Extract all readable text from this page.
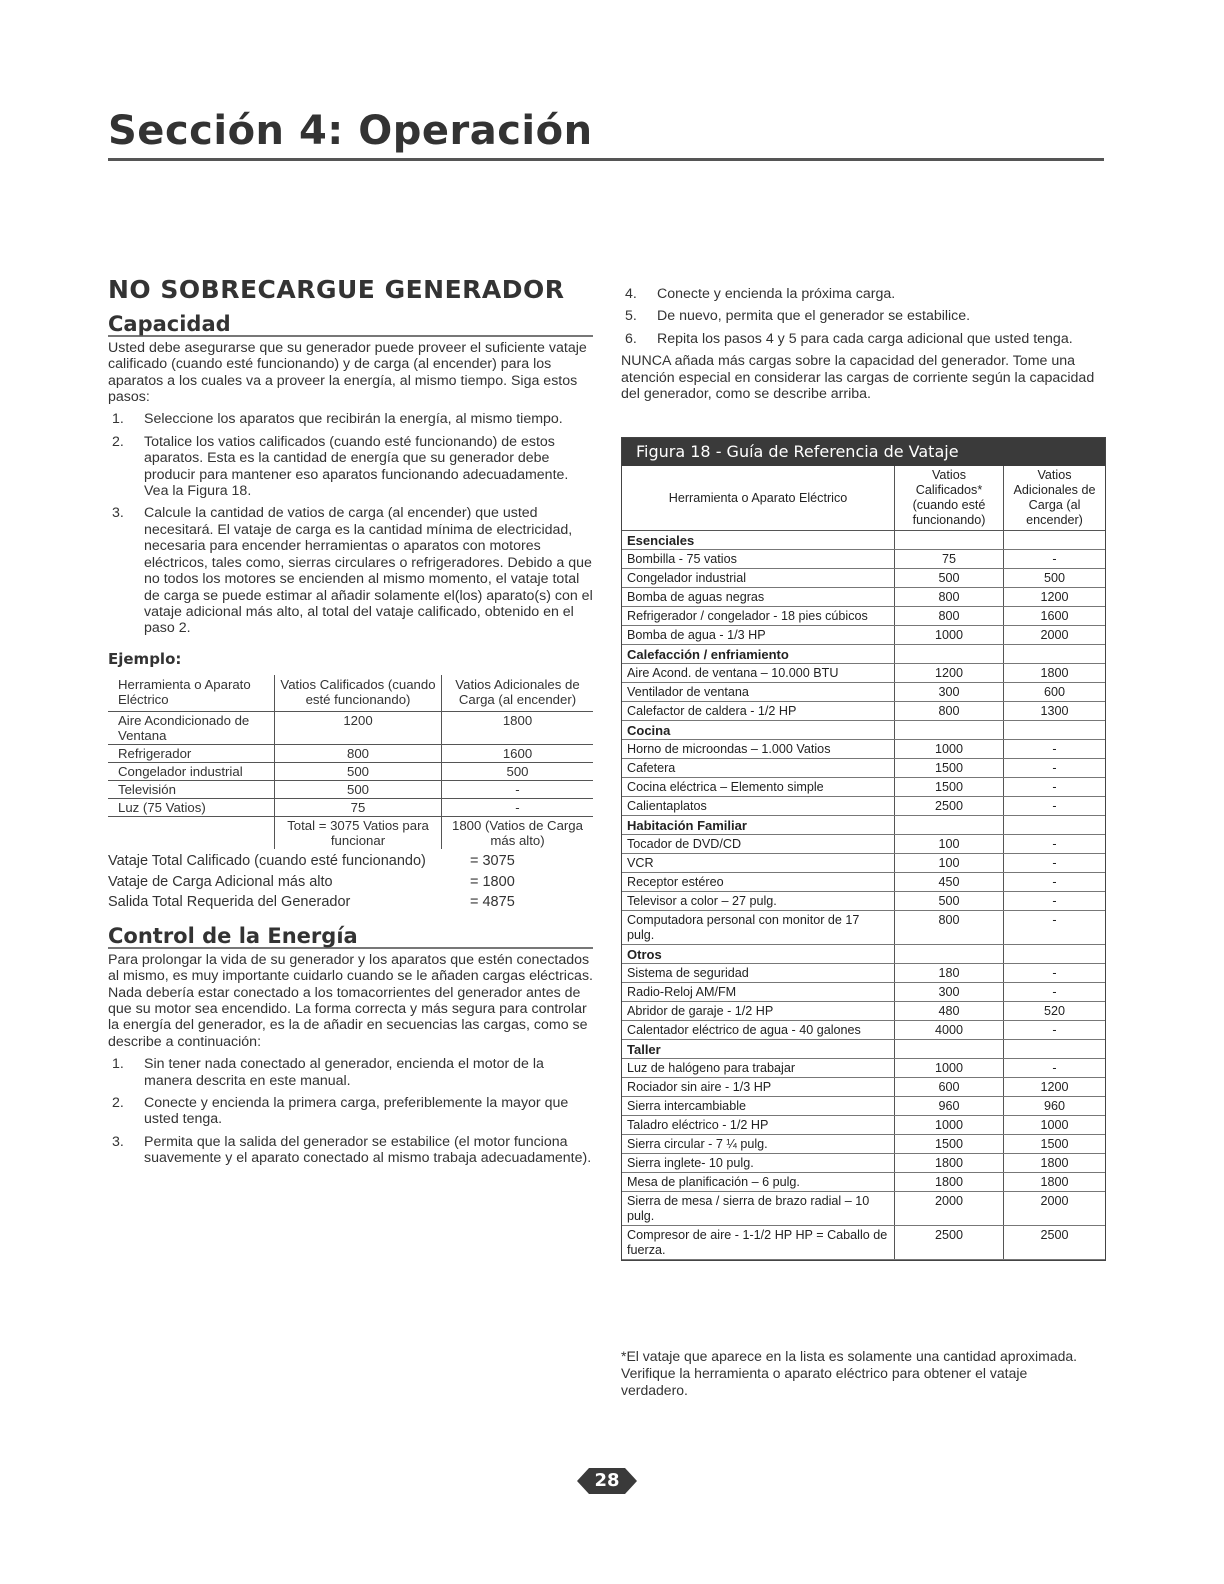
Sección 4: Operación
NO SOBRECARGUE GENERADOR
Capacidad

Usted debe asegurarse que su generador puede proveer el suficiente vataje calificado (cuando esté funcionando) y de carga (al encender) para los aparatos a los cuales va a proveer la energía, al mismo tiempo. Siga estos pasos:

1. Seleccione los aparatos que recibirán la energía, al mismo tiempo.
2. Totalice los vatios calificados (cuando esté funcionando) de estos aparatos. Esta es la cantidad de energía que su generador debe producir para mantener eso aparatos funcionando adecuadamente. Vea la Figura 18.
3. Calcule la cantidad de vatios de carga (al encender) que usted necesitará. El vataje de carga es la cantidad mínima de electricidad, necesaria para encender herramientas o aparatos con motores eléctricos, tales como, sierras circulares o refrigeradores. Debido a que no todos los motores se encienden al mismo momento, el vataje total de carga se puede estimar al añadir solamente el(los) aparato(s) con el vataje adicional más alto, al total del vataje calificado, obtenido en el paso 2.
Ejemplo:
Herramienta o Aparato Eléctrico	Vatios Calificados (cuando esté funcionando)	Vatios Adicionales de Carga (al encender)
Aire Acondicionado de Ventana	1200	1800
Refrigerador	800	1600
Congelador industrial	500	500
Televisión	500	-
Luz (75 Vatios)	75	-
	Total = 3075 Vatios para funcionar	1800 (Vatios de Carga más alto)
Vataje Total Calificado (cuando esté funcionando)	= 3075
Vataje de Carga Adicional más alto	= 1800
Salida Total Requerida del Generador	= 4875
Control de la Energía

Para prolongar la vida de su generador y los aparatos que estén conectados al mismo, es muy importante cuidarlo cuando se le añaden cargas eléctricas. Nada debería estar conectado a los tomacorrientes del generador antes de que su motor sea encendido. La forma correcta y más segura para controlar la energía del generador, es la de añadir en secuencias las cargas, como se describe a continuación:

1. Sin tener nada conectado al generador, encienda el motor de la manera descrita en este manual.
2. Conecte y encienda la primera carga, preferiblemente la mayor que usted tenga.
3. Permita que la salida del generador se estabilice (el motor funciona suavemente y el aparato conectado al mismo trabaja adecuadamente).
4. Conecte y encienda la próxima carga.
5. De nuevo, permita que el generador se estabilice.
6. Repita los pasos 4 y 5 para cada carga adicional que usted tenga.

NUNCA añada más cargas sobre la capacidad del generador. Tome una atención especial en considerar las cargas de corriente según la capacidad del generador, como se describe arriba.

Figura 18 - Guía de Referencia de Vataje
Herramienta o Aparato Eléctrico	Vatios Calificados* (cuando esté funcionando)	Vatios Adicionales de Carga (al encender)
Esenciales		
Bombilla - 75 vatios	75	-
Congelador industrial	500	500
Bomba de aguas negras	800	1200
Refrigerador / congelador - 18 pies cúbicos	800	1600
Bomba de agua - 1/3 HP	1000	2000
Calefacción / enfriamiento		
Aire Acond. de ventana – 10.000 BTU	1200	1800
Ventilador de ventana	300	600
Calefactor de caldera - 1/2 HP	800	1300
Cocina		
Horno de microondas – 1.000 Vatios	1000	-
Cafetera	1500	-
Cocina eléctrica – Elemento simple	1500	-
Calientaplatos	2500	-
Habitación Familiar		
Tocador de DVD/CD	100	-
VCR	100	-
Receptor estéreo	450	-
Televisor a color – 27 pulg.	500	-
Computadora personal con monitor de 17 pulg.	800	-
Otros		
Sistema de seguridad	180	-
Radio-Reloj AM/FM	300	-
Abridor de garaje - 1/2 HP	480	520
Calentador eléctrico de agua - 40 galones	4000	-
Taller		
Luz de halógeno para trabajar	1000	-
Rociador sin aire - 1/3 HP	600	1200
Sierra intercambiable	960	960
Taladro eléctrico - 1/2 HP	1000	1000
Sierra circular - 7 ¼ pulg.	1500	1500
Sierra inglete- 10 pulg.	1800	1800
Mesa de planificación – 6 pulg.	1800	1800
Sierra de mesa / sierra de brazo radial – 10 pulg.	2000	2000
Compresor de aire - 1-1/2 HP HP = Caballo de fuerza.	2500	2500
*El vataje que aparece en la lista es solamente una cantidad aproximada. Verifique la herramienta o aparato eléctrico para obtener el vataje verdadero.
28
